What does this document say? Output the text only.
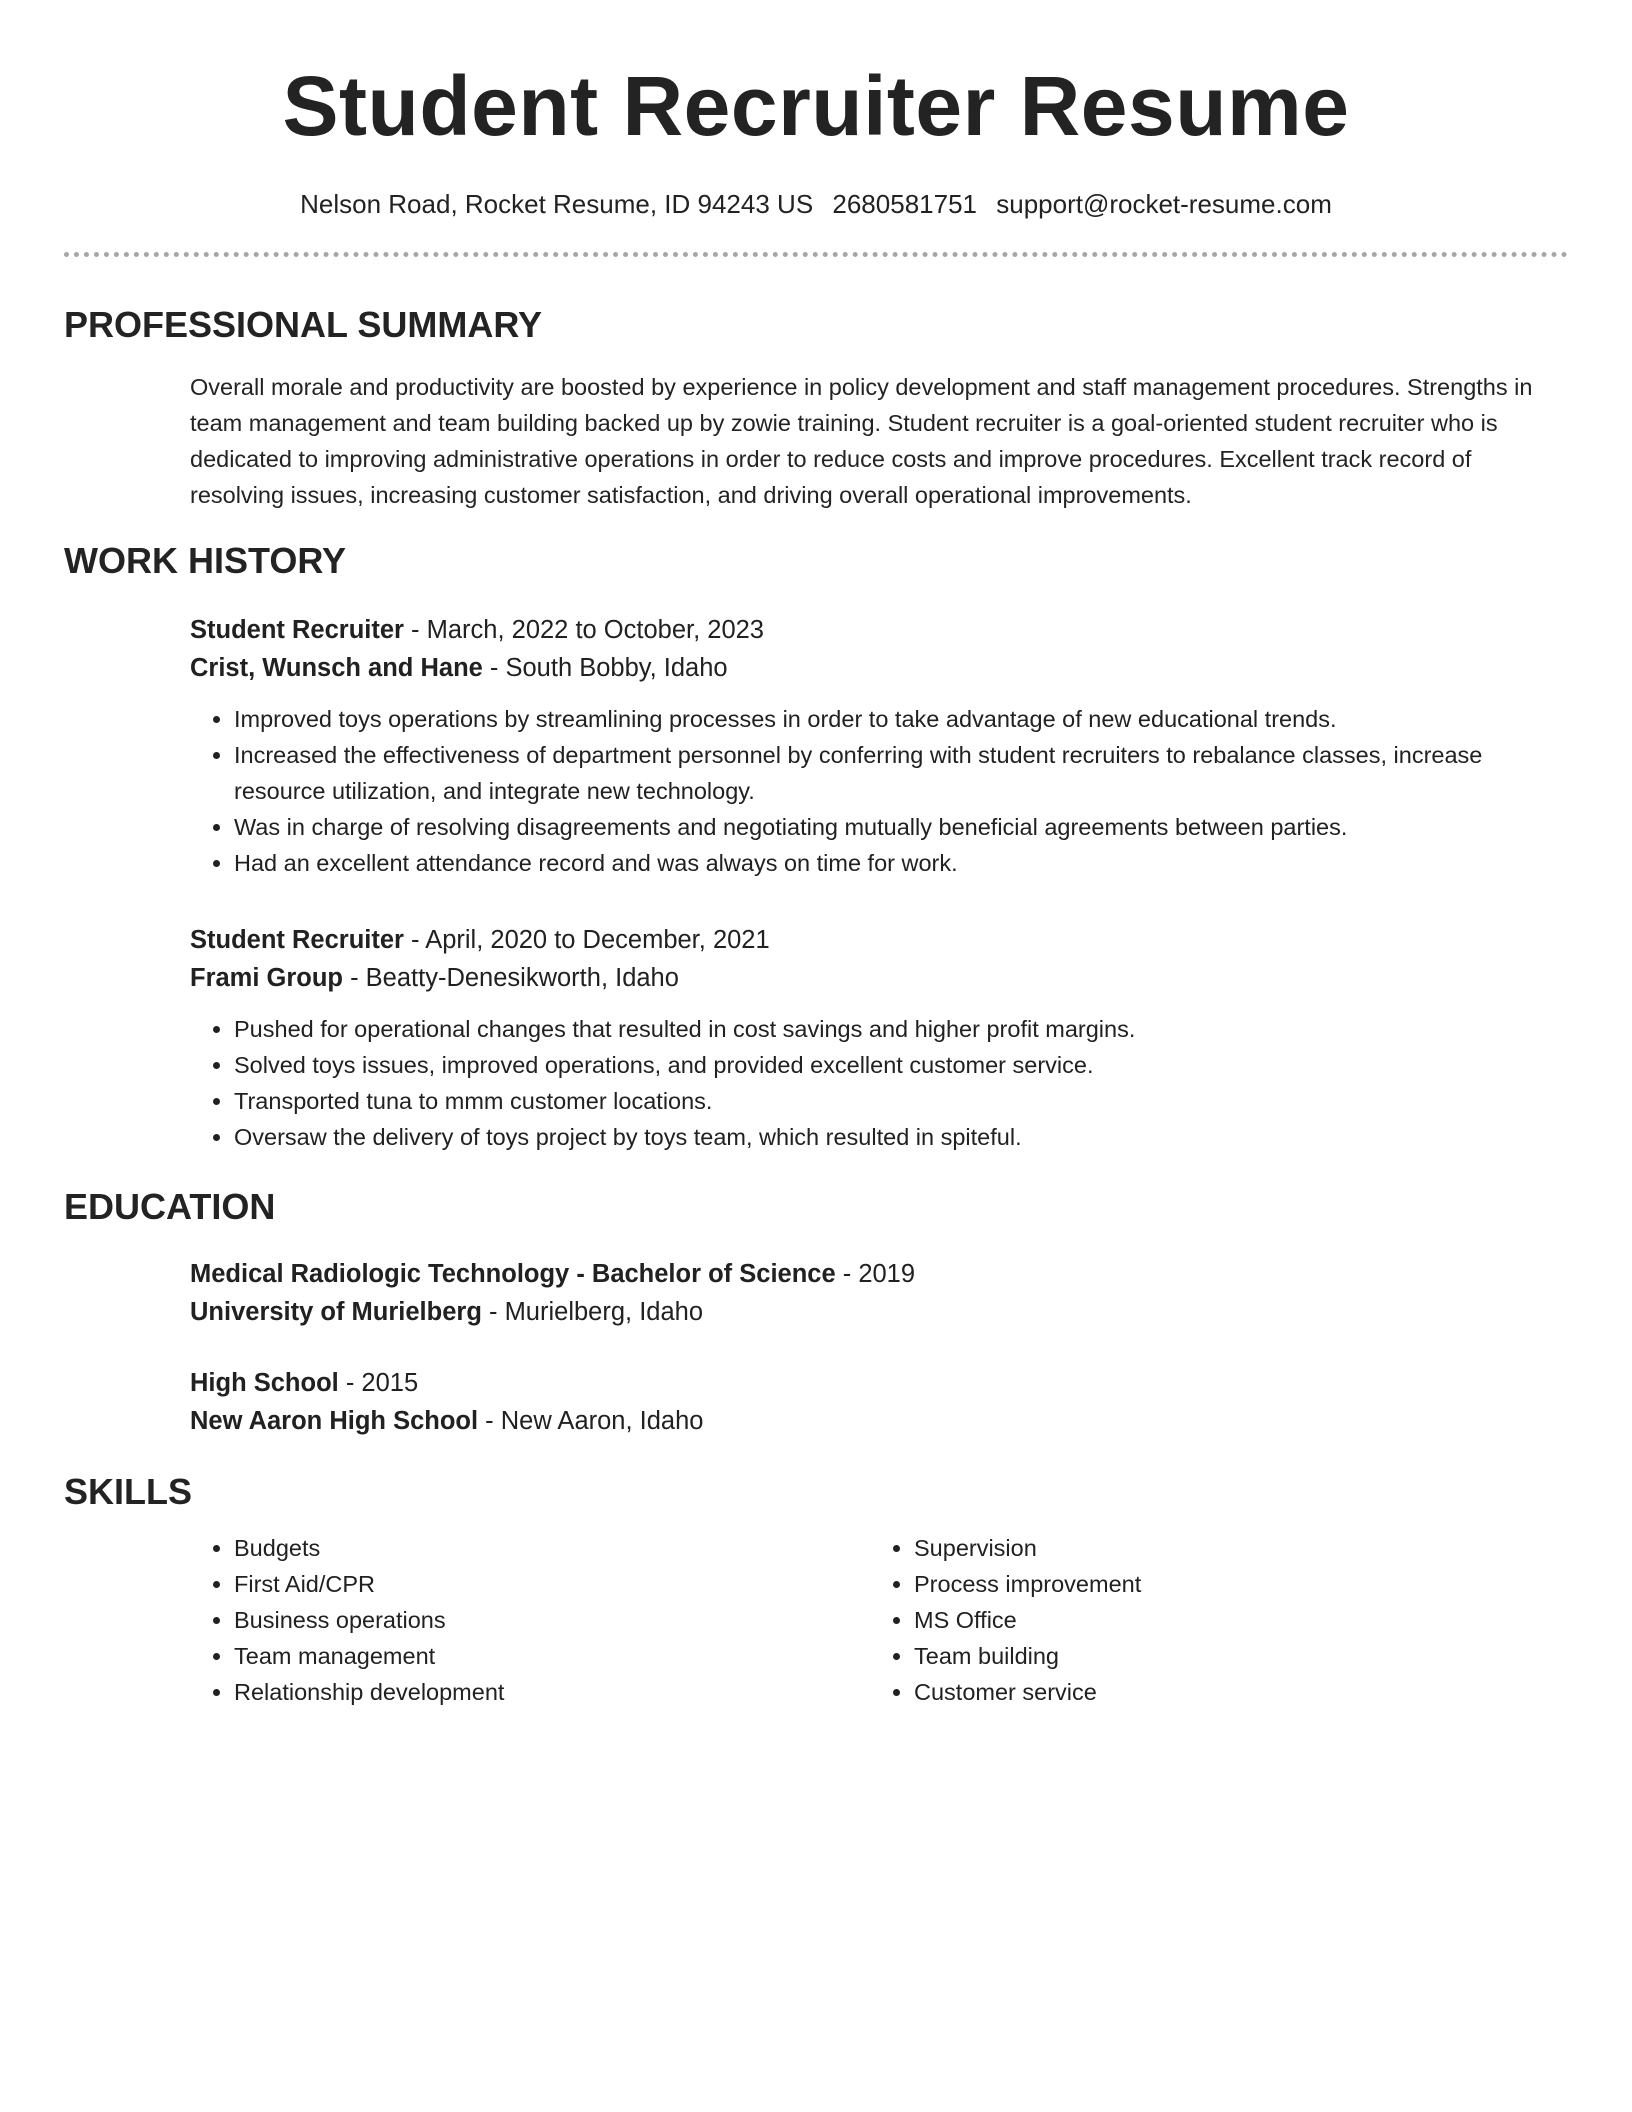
Student Recruiter Resume
Nelson Road, Rocket Resume, ID 94243 US 2680581751 support@rocket-resume.com
PROFESSIONAL SUMMARY

Overall morale and productivity are boosted by experience in policy development and staff management procedures. Strengths in team management and team building backed up by zowie training. Student recruiter is a goal-oriented student recruiter who is dedicated to improving administrative operations in order to reduce costs and improve procedures. Excellent track record of resolving issues, increasing customer satisfaction, and driving overall operational improvements.

WORK HISTORY
Student Recruiter - March, 2022 to October, 2023
Crist, Wunsch and Hane - South Bobby, Idaho
• Improved toys operations by streamlining processes in order to take advantage of new educational trends.
• Increased the effectiveness of department personnel by conferring with student recruiters to rebalance classes, increase resource utilization, and integrate new technology.
• Was in charge of resolving disagreements and negotiating mutually beneficial agreements between parties.
• Had an excellent attendance record and was always on time for work.
Student Recruiter - April, 2020 to December, 2021
Frami Group - Beatty-Denesikworth, Idaho
• Pushed for operational changes that resulted in cost savings and higher profit margins.
• Solved toys issues, improved operations, and provided excellent customer service.
• Transported tuna to mmm customer locations.
• Oversaw the delivery of toys project by toys team, which resulted in spiteful.
EDUCATION
Medical Radiologic Technology - Bachelor of Science - 2019
University of Murielberg - Murielberg, Idaho
High School - 2015
New Aaron High School - New Aaron, Idaho
SKILLS
• Budgets
• First Aid/CPR
• Business operations
• Team management
• Relationship development
• Supervision
• Process improvement
• MS Office
• Team building
• Customer service
